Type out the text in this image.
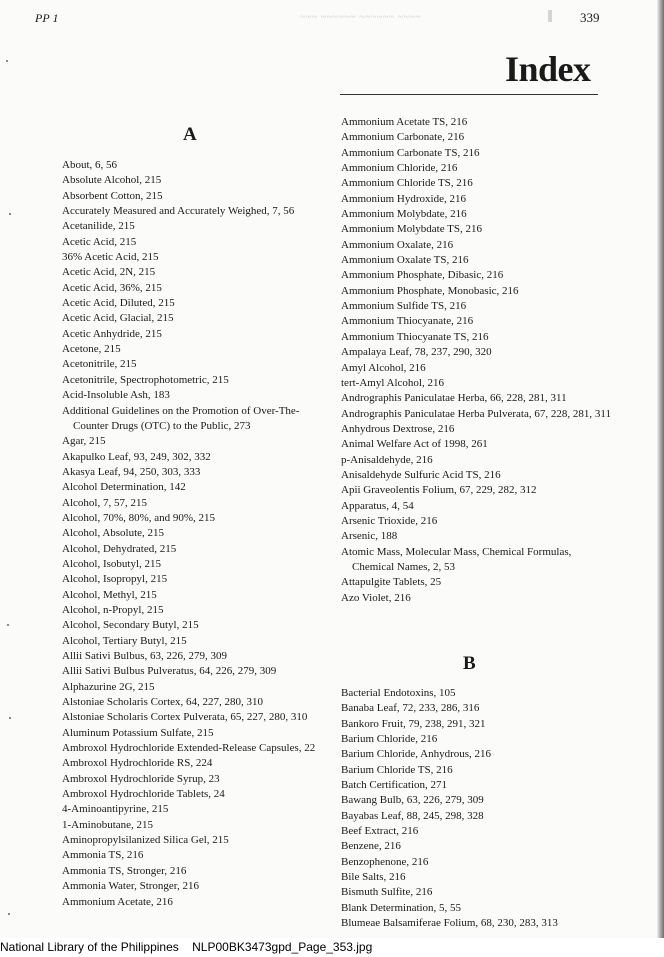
PP 1	~~~ ~~~~~~ ~~~~~~ ~~~~	339
Index
A
B
About, 6, 56
Absolute Alcohol, 215
Absorbent Cotton, 215
Accurately Measured and Accurately Weighed, 7, 56
Acetanilide, 215
Acetic Acid, 215
36% Acetic Acid, 215
Acetic Acid, 2N, 215
Acetic Acid, 36%, 215
Acetic Acid, Diluted, 215
Acetic Acid, Glacial, 215
Acetic Anhydride, 215
Acetone, 215
Acetonitrile, 215
Acetonitrile, Spectrophotometric, 215
Acid-Insoluble Ash, 183
Additional Guidelines on the Promotion of Over-The-Counter Drugs (OTC) to the Public, 273
Agar, 215
Akapulko Leaf, 93, 249, 302, 332
Akasya Leaf, 94, 250, 303, 333
Alcohol Determination, 142
Alcohol, 7, 57, 215
Alcohol, 70%, 80%, and 90%, 215
Alcohol, Absolute, 215
Alcohol, Dehydrated, 215
Alcohol, Isobutyl, 215
Alcohol, Isopropyl, 215
Alcohol, Methyl, 215
Alcohol, n-Propyl, 215
Alcohol, Secondary Butyl, 215
Alcohol, Tertiary Butyl, 215
Allii Sativi Bulbus, 63, 226, 279, 309
Allii Sativi Bulbus Pulveratus, 64, 226, 279, 309
Alphazurine 2G, 215
Alstoniae Scholaris Cortex, 64, 227, 280, 310
Alstoniae Scholaris Cortex Pulverata, 65, 227, 280, 310
Aluminum Potassium Sulfate, 215
Ambroxol Hydrochloride Extended-Release Capsules, 22
Ambroxol Hydrochloride RS, 224
Ambroxol Hydrochloride Syrup, 23
Ambroxol Hydrochloride Tablets, 24
4-Aminoantipyrine, 215
1-Aminobutane, 215
Aminopropylsilanized Silica Gel, 215
Ammonia TS, 216
Ammonia TS, Stronger, 216
Ammonia Water, Stronger, 216
Ammonium Acetate, 216
Ammonium Acetate TS, 216
Ammonium Carbonate, 216
Ammonium Carbonate TS, 216
Ammonium Chloride, 216
Ammonium Chloride TS, 216
Ammonium Hydroxide, 216
Ammonium Molybdate, 216
Ammonium Molybdate TS, 216
Ammonium Oxalate, 216
Ammonium Oxalate TS, 216
Ammonium Phosphate, Dibasic, 216
Ammonium Phosphate, Monobasic, 216
Ammonium Sulfide TS, 216
Ammonium Thiocyanate, 216
Ammonium Thiocyanate TS, 216
Ampalaya Leaf, 78, 237, 290, 320
Amyl Alcohol, 216
tert-Amyl Alcohol, 216
Andrographis Paniculatae Herba, 66, 228, 281, 311
Andrographis Paniculatae Herba Pulverata, 67, 228, 281, 311
Anhydrous Dextrose, 216
Animal Welfare Act of 1998, 261
p-Anisaldehyde, 216
Anisaldehyde Sulfuric Acid TS, 216
Apii Graveolentis Folium, 67, 229, 282, 312
Apparatus, 4, 54
Arsenic Trioxide, 216
Arsenic, 188
Atomic Mass, Molecular Mass, Chemical Formulas, Chemical Names, 2, 53
Attapulgite Tablets, 25
Azo Violet, 216
Bacterial Endotoxins, 105
Banaba Leaf, 72, 233, 286, 316
Bankoro Fruit, 79, 238, 291, 321
Barium Chloride, 216
Barium Chloride, Anhydrous, 216
Barium Chloride TS, 216
Batch Certification, 271
Bawang Bulb, 63, 226, 279, 309
Bayabas Leaf, 88, 245, 298, 328
Beef Extract, 216
Benzene, 216
Benzophenone, 216
Bile Salts, 216
Bismuth Sulfite, 216
Blank Determination, 5, 55
Blumeae Balsamiferae Folium, 68, 230, 283, 313
National Library of the Philippines NLP00BK3473gpd_Page_353.jpg
